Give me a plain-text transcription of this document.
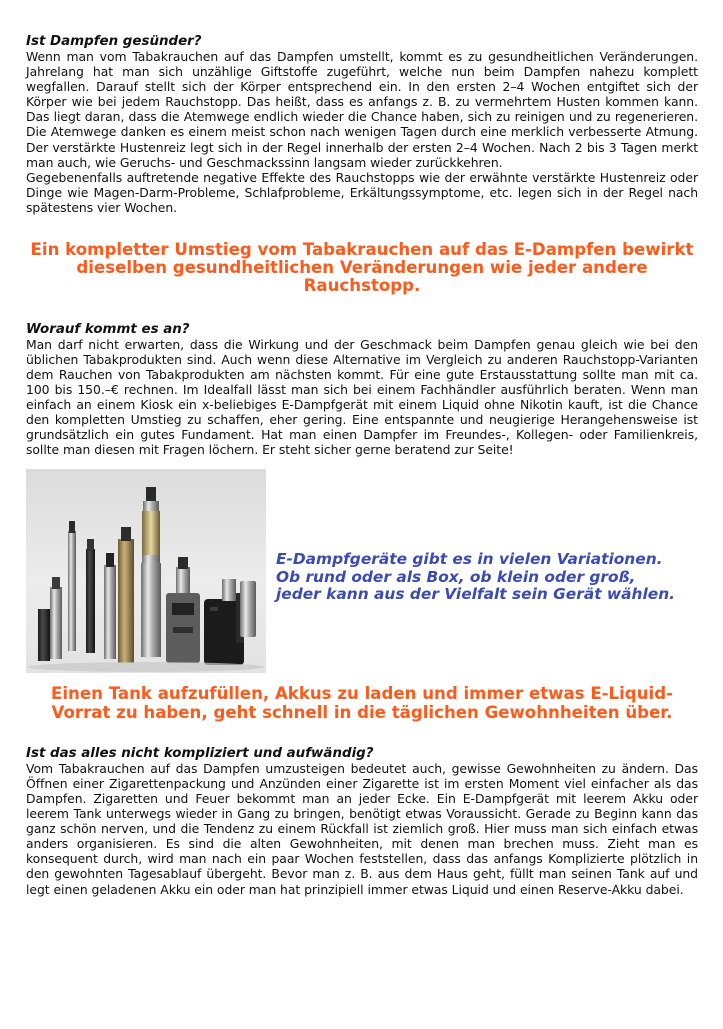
Ist Dampfen gesünder?

Wenn man vom Tabakrauchen auf das Dampfen umstellt, kommt es zu gesundheitlichen Veränderungen. Jahrelang hat man sich unzählige Giftstoffe zugeführt, welche nun beim Dampfen nahezu komplett wegfallen. Darauf stellt sich der Körper entsprechend ein. In den ersten 2–4 Wochen entgiftet sich der Körper wie bei jedem Rauchstopp. Das heißt, dass es anfangs z. B. zu vermehrtem Husten kommen kann. Das liegt daran, dass die Atemwege endlich wieder die Chance haben, sich zu reinigen und zu regenerieren. Die Atemwege danken es einem meist schon nach wenigen Tagen durch eine merklich verbesserte Atmung. Der verstärkte Hustenreiz legt sich in der Regel innerhalb der ersten 2–4 Wochen. Nach 2 bis 3 Tagen merkt man auch, wie Geruchs- und Geschmackssinn langsam wieder zurückkehren.

Gegebenenfalls auftretende negative Effekte des Rauchstopps wie der erwähnte verstärkte Hustenreiz oder Dinge wie Magen-Darm-Probleme, Schlafprobleme, Erkältungssymptome, etc. legen sich in der Regel nach spätestens vier Wochen.

Ein kompletter Umstieg vom Tabakrauchen auf das E-Dampfen bewirkt dieselben gesundheitlichen Veränderungen wie jeder andere Rauchstopp.

Worauf kommt es an?

Man darf nicht erwarten, dass die Wirkung und der Geschmack beim Dampfen genau gleich wie bei den üblichen Tabakprodukten sind. Auch wenn diese Alternative im Vergleich zu anderen Rauchstopp-Varianten dem Rauchen von Tabakprodukten am nächsten kommt. Für eine gute Erstausstattung sollte man mit ca. 100 bis 150.–€ rechnen. Im Idealfall lässt man sich bei einem Fachhändler ausführlich beraten. Wenn man einfach an einem Kiosk ein x-beliebiges E-Dampfgerät mit einem Liquid ohne Nikotin kauft, ist die Chance den kompletten Umstieg zu schaffen, eher gering. Eine entspannte und neugierige Herangehensweise ist grundsätzlich ein gutes Fundament. Hat man einen Dampfer im Freundes-, Kollegen- oder Familienkreis, sollte man diesen mit Fragen löchern. Er steht sicher gerne beratend zur Seite!

E-Dampfgeräte gibt es in vielen Variationen. Ob rund oder als Box, ob klein oder groß, jeder kann aus der Vielfalt sein Gerät wählen.

Einen Tank aufzufüllen, Akkus zu laden und immer etwas E-Liquid-Vorrat zu haben, geht schnell in die täglichen Gewohnheiten über.

Ist das alles nicht kompliziert und aufwändig?

Vom Tabakrauchen auf das Dampfen umzusteigen bedeutet auch, gewisse Gewohnheiten zu ändern. Das Öffnen einer Zigarettenpackung und Anzünden einer Zigarette ist im ersten Moment viel einfacher als das Dampfen. Zigaretten und Feuer bekommt man an jeder Ecke. Ein E-Dampfgerät mit leerem Akku oder leerem Tank unterwegs wieder in Gang zu bringen, benötigt etwas Voraussicht. Gerade zu Beginn kann das ganz schön nerven, und die Tendenz zu einem Rückfall ist ziemlich groß. Hier muss man sich einfach etwas anders organisieren. Es sind die alten Gewohnheiten, mit denen man brechen muss. Zieht man es konsequent durch, wird man nach ein paar Wochen feststellen, dass das anfangs Komplizierte plötzlich in den gewohnten Tagesablauf übergeht. Bevor man z. B. aus dem Haus geht, füllt man seinen Tank auf und legt einen geladenen Akku ein oder man hat prinzipiell immer etwas Liquid und einen Reserve-Akku dabei.
